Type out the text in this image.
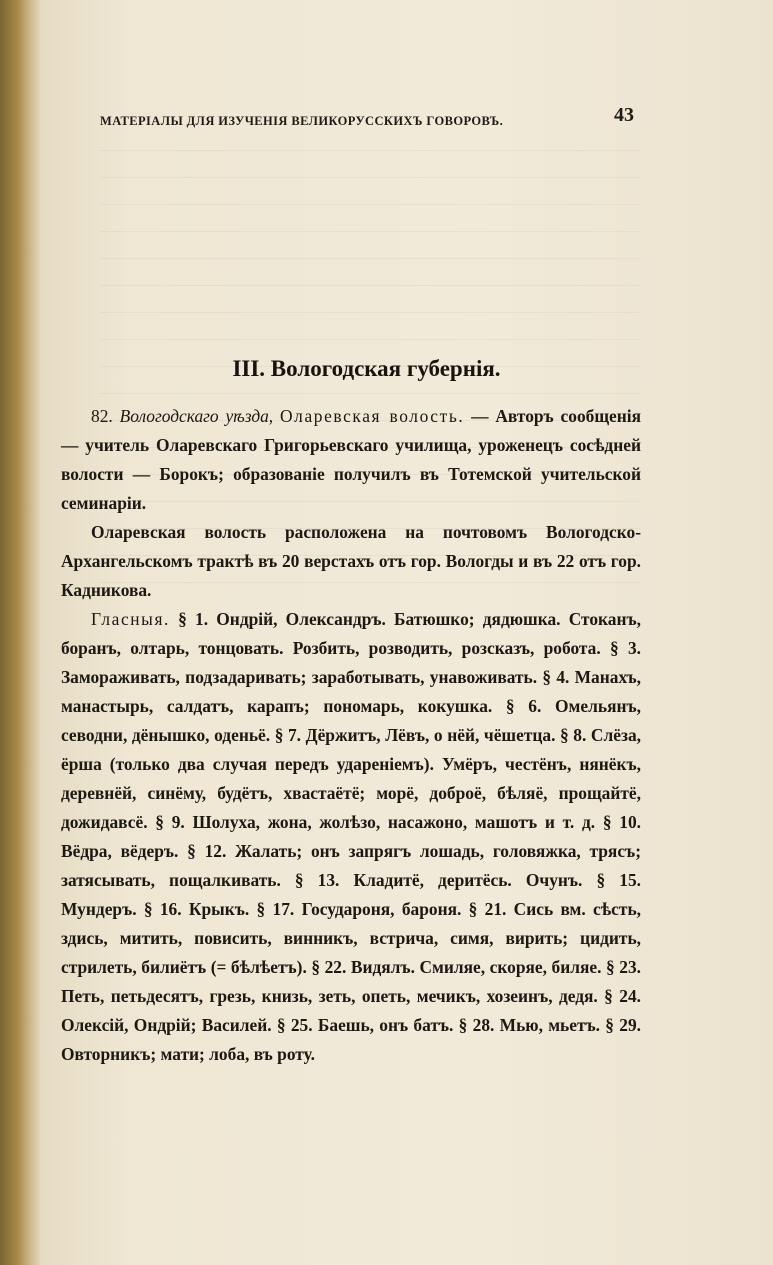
МАТЕРІАЛЫ ДЛЯ ИЗУЧЕНІЯ ВЕЛИКОРУССКИХЪ ГОВОРОВЪ.	43
III. Вологодская губернія.

82. Вологодскаго уѣзда, Оларевская волость. — Авторъ сообщенія — учитель Оларевскаго Григорьевскаго училища, уроженецъ сосѣдней волости — Борокъ; образованіе получилъ въ Тотемской учительской семинаріи.

Оларевская волость расположена на почтовомъ Вологодско-Архангельскомъ трактѣ въ 20 верстахъ отъ гор. Вологды и въ 22 отъ гор. Кадникова.

Гласныя. § 1. Ондрій, Олександръ. Батюшко; дядюшка. Стоканъ, боранъ, олтарь, тонцовать. Розбить, розводить, розсказъ, робота. § 3. Замораживать, подзадаривать; заработывать, унавоживать. § 4. Манахъ, манастырь, салдатъ, карапъ; пономарь, кокушка. § 6. Омельянъ, севодни, дёнышко, оденьё. § 7. Дёржитъ, Лёвъ, о нёй, чёшетца. § 8. Слёза, ёрша (только два случая передъ удареніемъ). Умёръ, честёнъ, нянёкъ, деревнёй, синёму, будётъ, хвастаётё; морё, доброё, бѣляё, прощайтё, дожидавсё. § 9. Шолуха, жона, жолѣзо, насажоно, машотъ и т. д. § 10. Вёдра, вёдеръ. § 12. Жалать; онъ запрягъ лошадь, головяжка, трясъ; затясывать, пощалкивать. § 13. Кладитё, деритёсь. Очунъ. § 15. Мундеръ. § 16. Крыкъ. § 17. Государоня, бароня. § 21. Сись вм. сѣсть, здись, митить, повисить, винникъ, встрича, симя, вирить; цидить, стрилеть, билиётъ (= бѣлѣетъ). § 22. Видялъ. Смиляе, скоряе, биляе. § 23. Петь, петьдесятъ, грезь, книзь, зеть, опеть, мечикъ, хозеинъ, дедя. § 24. Олексій, Ондрій; Василей. § 25. Баешь, онъ батъ. § 28. Мью, мьетъ. § 29. Овторникъ; мати; лоба, въ роту.
